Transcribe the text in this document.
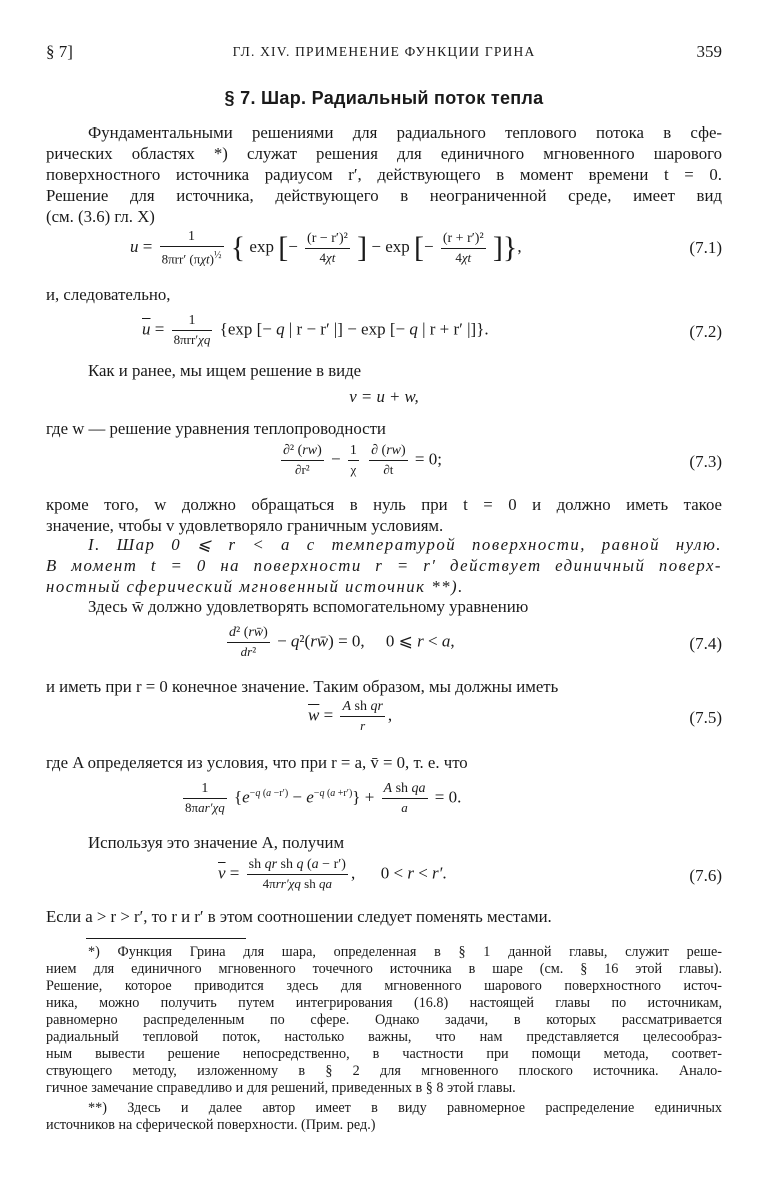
§ 7]	ГЛ. XIV. ПРИМЕНЕНИЕ ФУНКЦИИ ГРИНА	359
§ 7. Шар. Радиальный поток тепла
Фундаментальными решениями для радиального теплового потока в сфе-
рических областях *) служат решения для единичного мгновенного шарового
поверхностного источника радиусом r′, действующего в момент времени t = 0.
Решение для источника, действующего в неограниченной среде, имеет вид
(см. (3.6) гл. X)
$u = \frac{1}{8\pi rr' (\pi\chi t)^{\frac{1}{2}}}$ { exp [− $\frac{\text{(r − r′)²}}{4\chi t}$ ] − exp [− $\frac{\text{(r + r′)²}}{4\chi t}$ ]},	(7.1)
и, следовательно,
$\overline{u} = \frac{1}{\text{8πrr′χq}} \{\exp$ [− q | r − r′ |] − exp [− q | r + r′ |]}.	(7.2)
Как и ранее, мы ищем решение в виде
v = u + w,
где w — решение уравнения теплопроводности
$\frac{\text{∂² (rw)}}{\text{∂r²}} - \frac{1}{\chi}$
$\frac{\partial (rw)}{\partial t} = 0$;	(7.3)
кроме того, w должно обращаться в нуль при t = 0 и должно иметь такое
значение, чтобы v удовлетворяло граничным условиям.
I. Шар 0 ⩽ r < a с температурой поверхности, равной нулю.
В момент t = 0 на поверхности r = r′ действует единичный поверх-
ностный сферический мгновенный источник **).
Здесь w̄ должно удовлетворять вспомогательному уравнению
$\frac{\text{d² (rw̄)}}{\text{dr²}}$ − q²(rw̄) = 0,     0 ⩽ r < a,	(7.4)
и иметь при r = 0 конечное значение. Таким образом, мы должны иметь
$\overline{w} = \frac{\text{A sh qr}}{r}$ ,	(7.5)
где A определяется из условия, что при r = a, v̄ = 0, т. е. что
$\frac{1}{\text{8πar′χq}} \{e^{-q (a -r')} - e^{-q (a +r')}\} + \frac{\text{A sh qa}}{a} = 0$.
Используя это значение A, получим
$\overline{v} = \frac{\text{sh qr sh q (a − r′)}}{\text{4πrr′χq sh qa}}$ ,      0 < r < r′.	(7.6)
Если a > r > r′, то r и r′ в этом соотношении следует поменять местами.
*) Функция Грина для шара, определенная в § 1 данной главы, служит реше-
нием для единичного мгновенного точечного источника в шаре (см. § 16 этой главы).
Решение, которое приводится здесь для мгновенного шарового поверхностного источ-
ника, можно получить путем интегрирования (16.8) настоящей главы по источникам,
равномерно распределенным по сфере. Однако задачи, в которых рассматривается
радиальный тепловой поток, настолько важны, что нам представляется целесообраз-
ным вывести решение непосредственно, в частности при помощи метода, соответ-
ствующего методу, изложенному в § 2 для мгновенного плоского источника. Анало-
гичное замечание справедливо и для решений, приведенных в § 8 этой главы.
**) Здесь и далее автор имеет в виду равномерное распределение единичных
источников на сферической поверхности. (Прим. ред.)
